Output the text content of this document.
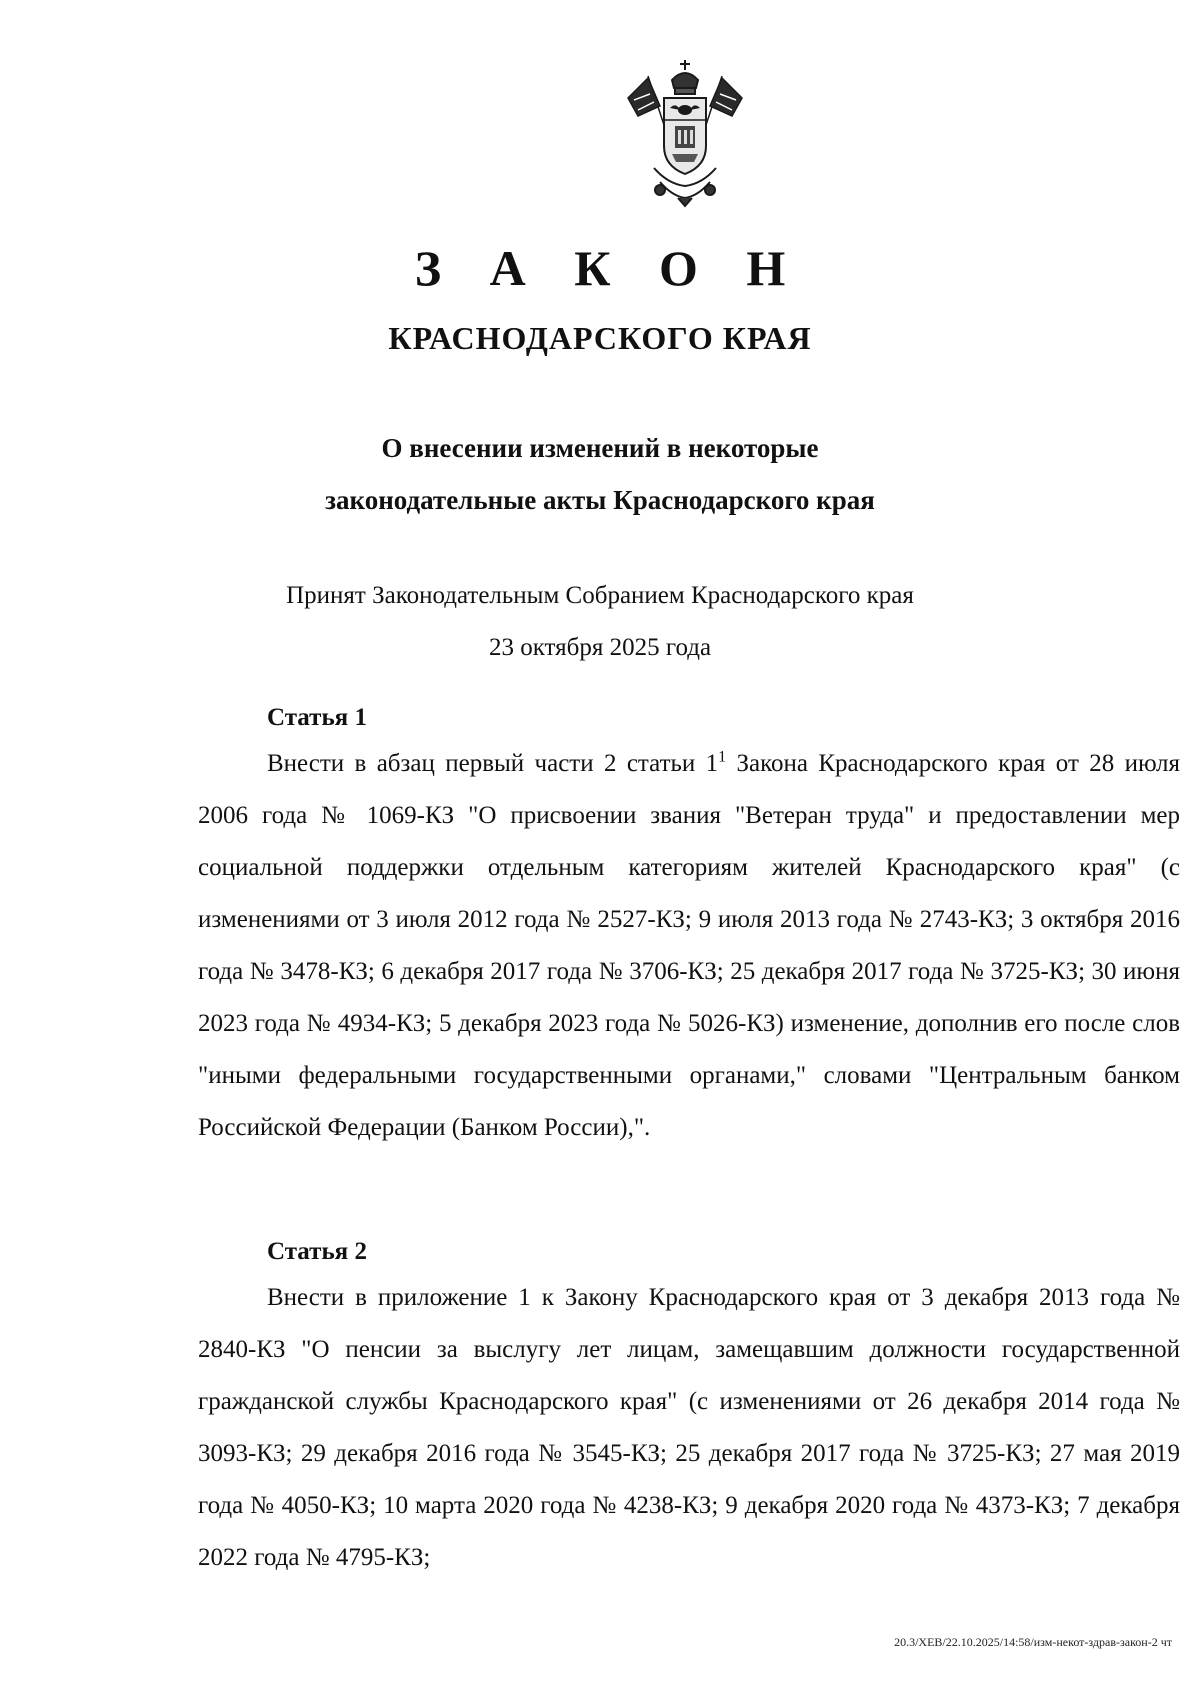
З А К О Н
КРАСНОДАРСКОГО КРАЯ
О внесении изменений в некоторые
законодательные акты Краснодарского края
Принят Законодательным Собранием Краснодарского края
23 октября 2025 года
Статья 1

Внести в абзац первый части 2 статьи $1^1$ Закона Краснодарского края от 28 июля 2006 года № 1069-КЗ "О присвоении звания "Ветеран труда" и предоставлении мер социальной поддержки отдельным категориям жителей Краснодарского края" (с изменениями от 3 июля 2012 года № 2527-КЗ; 9 июля 2013 года № 2743-КЗ; 3 октября 2016 года № 3478-КЗ; 6 декабря 2017 года № 3706-КЗ; 25 декабря 2017 года № 3725-КЗ; 30 июня 2023 года № 4934-КЗ; 5 декабря 2023 года № 5026-КЗ) изменение, дополнив его после слов "иными федеральными государственными органами," словами "Центральным банком Российской Федерации (Банком России),".

Статья 2

Внести в приложение 1 к Закону Краснодарского края от 3 декабря 2013 года № 2840-КЗ "О пенсии за выслугу лет лицам, замещавшим должности государственной гражданской службы Краснодарского края" (с изменениями от 26 декабря 2014 года № 3093-КЗ; 29 декабря 2016 года № 3545-КЗ; 25 декабря 2017 года № 3725-КЗ; 27 мая 2019 года № 4050-КЗ; 10 марта 2020 года № 4238-КЗ; 9 декабря 2020 года № 4373-КЗ; 7 декабря 2022 года № 4795-КЗ;

20.3/ХЕВ/22.10.2025/14:58/изм-некот-здрав-закон-2 чт
